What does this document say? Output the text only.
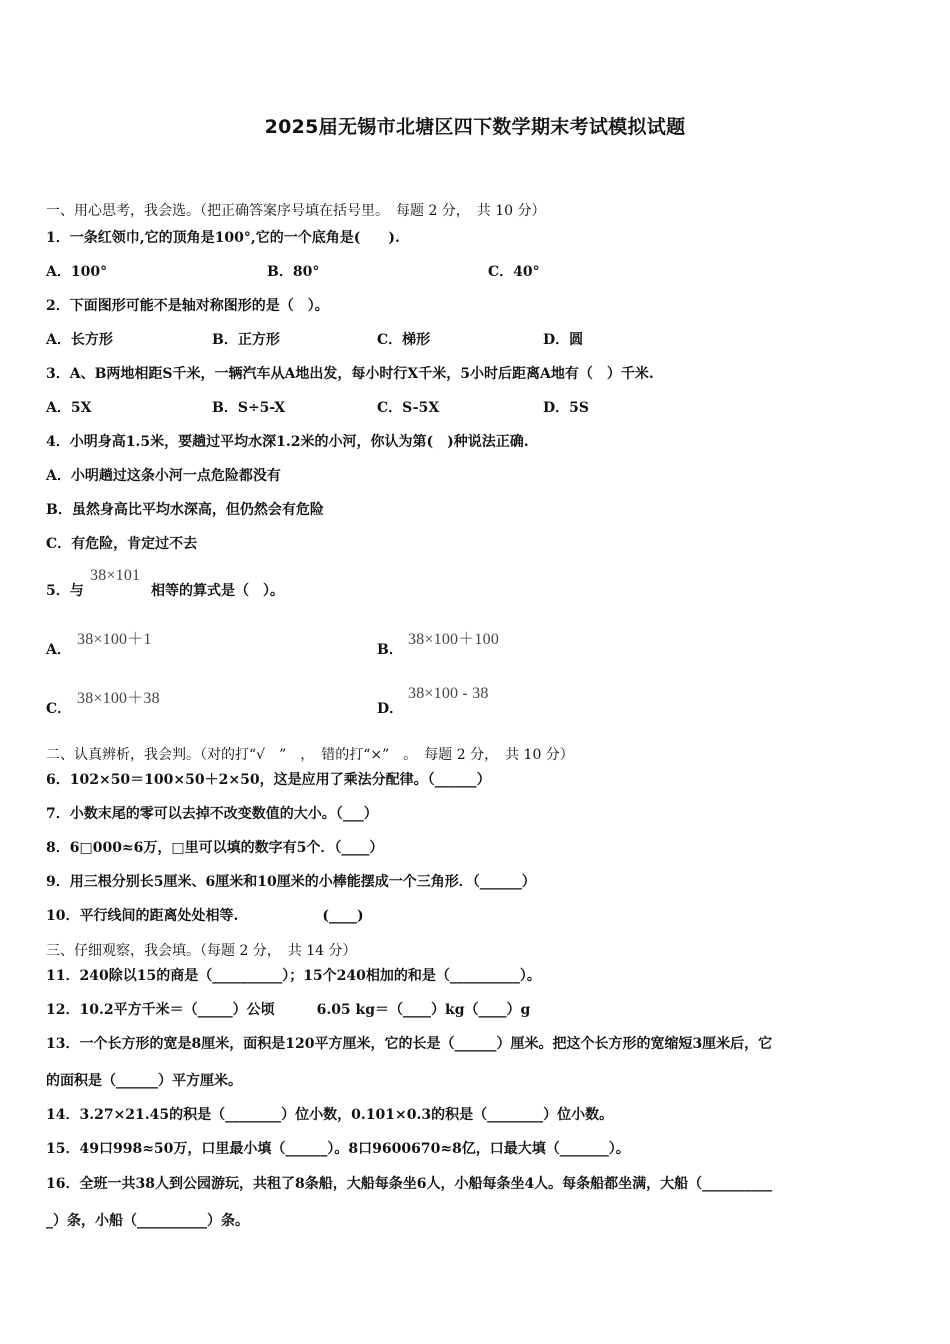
2025届无锡市北塘区四下数学期末考试模拟试题
一、用心思考，我会选。（把正确答案序号填在括号里。　每题 2 分，　共 10 分）
1．一条红领巾,它的顶角是100°,它的一个底角是(　　).
A．100°	B．80°	C．40°
2．下面图形可能不是轴对称图形的是（　）。
A．长方形	B．正方形	C．梯形	D．圆
3．A、B两地相距S千米，一辆汽车从A地出发，每小时行X千米，5小时后距离A地有（　）千米.
A．5X	B．S÷5-X	C．S-5X	D．5S
4．小明身高1.5米，要趟过平均水深1.2米的小河，你认为第(　)种说法正确.
A．小明趟过这条小河一点危险都没有
B．虽然身高比平均水深高，但仍然会有危险
C．有危险，肯定过不去
5．与
38×101
相等的算式是（　）。
A．
38×100＋1
B．
38×100＋100
C．
38×100＋38
D．
38×100 - 38
二、认真辨析，我会判。（对的打“√　”　，　错的打“×”　。　每题 2 分，　共 10 分）
6．102×50＝100×50＋2×50，这是应用了乘法分配律。（______）
7．小数末尾的零可以去掉不改变数值的大小。（___）
8．6□000≈6万，□里可以填的数字有5个．（____）
9．用三根分别长5厘米、6厘米和10厘米的小棒能摆成一个三角形．（______）
10．平行线间的距离处处相等.　　　　　　(____)
三、仔细观察，我会填。（每题 2 分，　共 14 分）
11．240除以15的商是（__________）；15个240相加的和是（__________）。
12．10.2平方千米＝（_____）公顷　　　6.05 kg＝（____）kg（____）g
13．一个长方形的宽是8厘米，面积是120平方厘米，它的长是（______）厘米。把这个长方形的宽缩短3厘米后，它
的面积是（______）平方厘米。
14．3.27×21.45的积是（________）位小数，0.101×0.3的积是（________）位小数。
15．49口998≈50万，口里最小填（______）。8口9600670≈8亿，口最大填（_______）。
16．全班一共38人到公园游玩，共租了8条船，大船每条坐6人，小船每条坐4人。每条船都坐满，大船（__________
_）条，小船（__________）条。
